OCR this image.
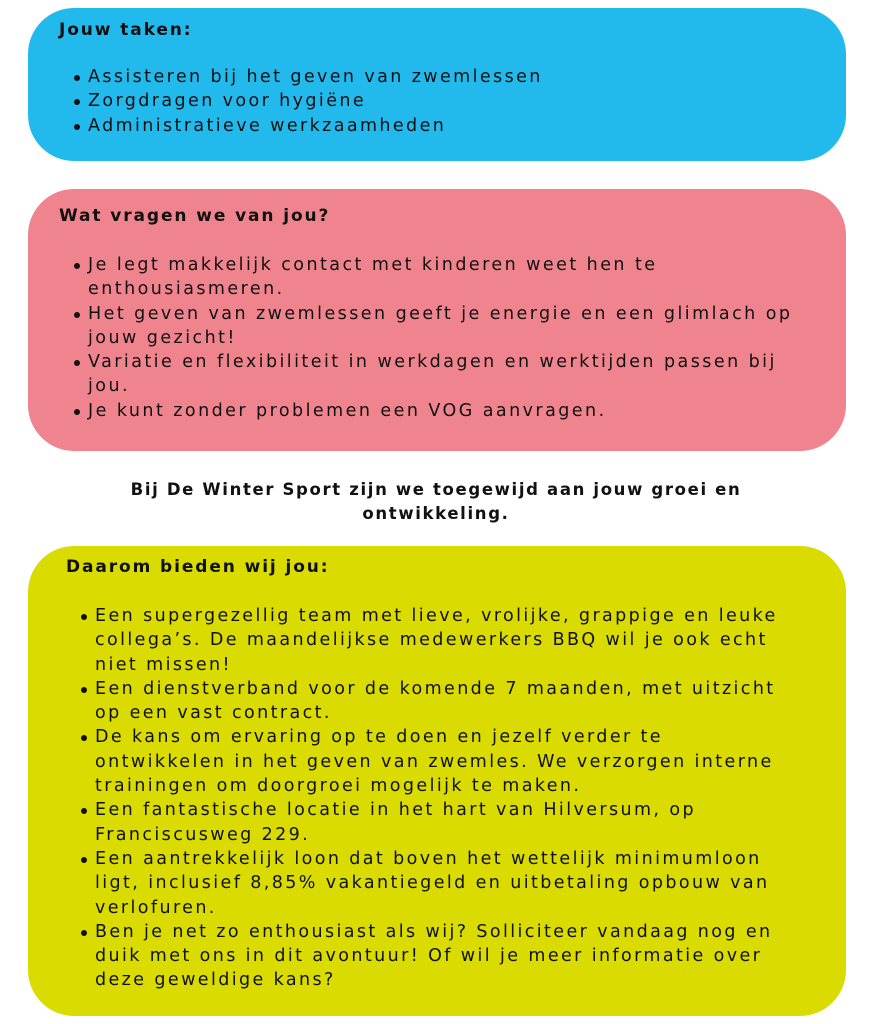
Jouw taken:
Assisteren bij het geven van zwemlessen
Zorgdragen voor hygiëne
Administratieve werkzaamheden
Wat vragen we van jou?
Je legt makkelijk contact met kinderen weet hen te
enthousiasmeren.
Het geven van zwemlessen geeft je energie en een glimlach op
jouw gezicht!
Variatie en flexibiliteit in werkdagen en werktijden passen bij
jou.
Je kunt zonder problemen een VOG aanvragen.

Bij De Winter Sport zijn we toegewijd aan jouw groei en
ontwikkeling.

Daarom bieden wij jou:
Een supergezellig team met lieve, vrolijke, grappige en leuke
collega’s. De maandelijkse medewerkers BBQ wil je ook echt
niet missen!
Een dienstverband voor de komende 7 maanden, met uitzicht
op een vast contract.
De kans om ervaring op te doen en jezelf verder te
ontwikkelen in het geven van zwemles. We verzorgen interne
trainingen om doorgroei mogelijk te maken.
Een fantastische locatie in het hart van Hilversum, op
Franciscusweg 229.
Een aantrekkelijk loon dat boven het wettelijk minimumloon
ligt, inclusief 8,85% vakantiegeld en uitbetaling opbouw van
verlofuren.
Ben je net zo enthousiast als wij? Solliciteer vandaag nog en
duik met ons in dit avontuur! Of wil je meer informatie over
deze geweldige kans?
